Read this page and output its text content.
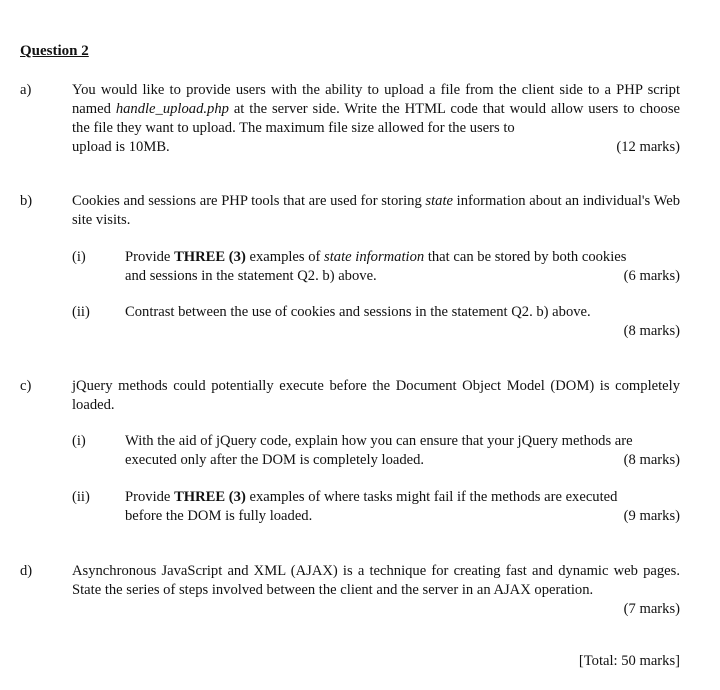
Question 2
a)	You would like to provide users with the ability to upload a file from the client side to a PHP script named handle_upload.php at the server side. Write the HTML code that would allow users to choose the file they want to upload. The maximum file size allowed for the users to
upload is 10MB.	(12 marks)
b)	Cookies and sessions are PHP tools that are used for storing state information about an individual's Web site visits.
(i)	Provide THREE (3) examples of state information that can be stored by both cookies
and sessions in the statement Q2. b) above.	(6 marks)
(ii) Contrast between the use of cookies and sessions in the statement Q2. b) above.
(8 marks)
c)	jQuery methods could potentially execute before the Document Object Model (DOM) is completely loaded.
(i)	With the aid of jQuery code, explain how you can ensure that your jQuery methods are
executed only after the DOM is completely loaded.	(8 marks)
(ii) Provide THREE (3) examples of where tasks might fail if the methods are executed
before the DOM is fully loaded.	(9 marks)
d)	Asynchronous JavaScript and XML (AJAX) is a technique for creating fast and dynamic web pages. State the series of steps involved between the client and the server in an AJAX operation.
(7 marks)
[Total: 50 marks]
